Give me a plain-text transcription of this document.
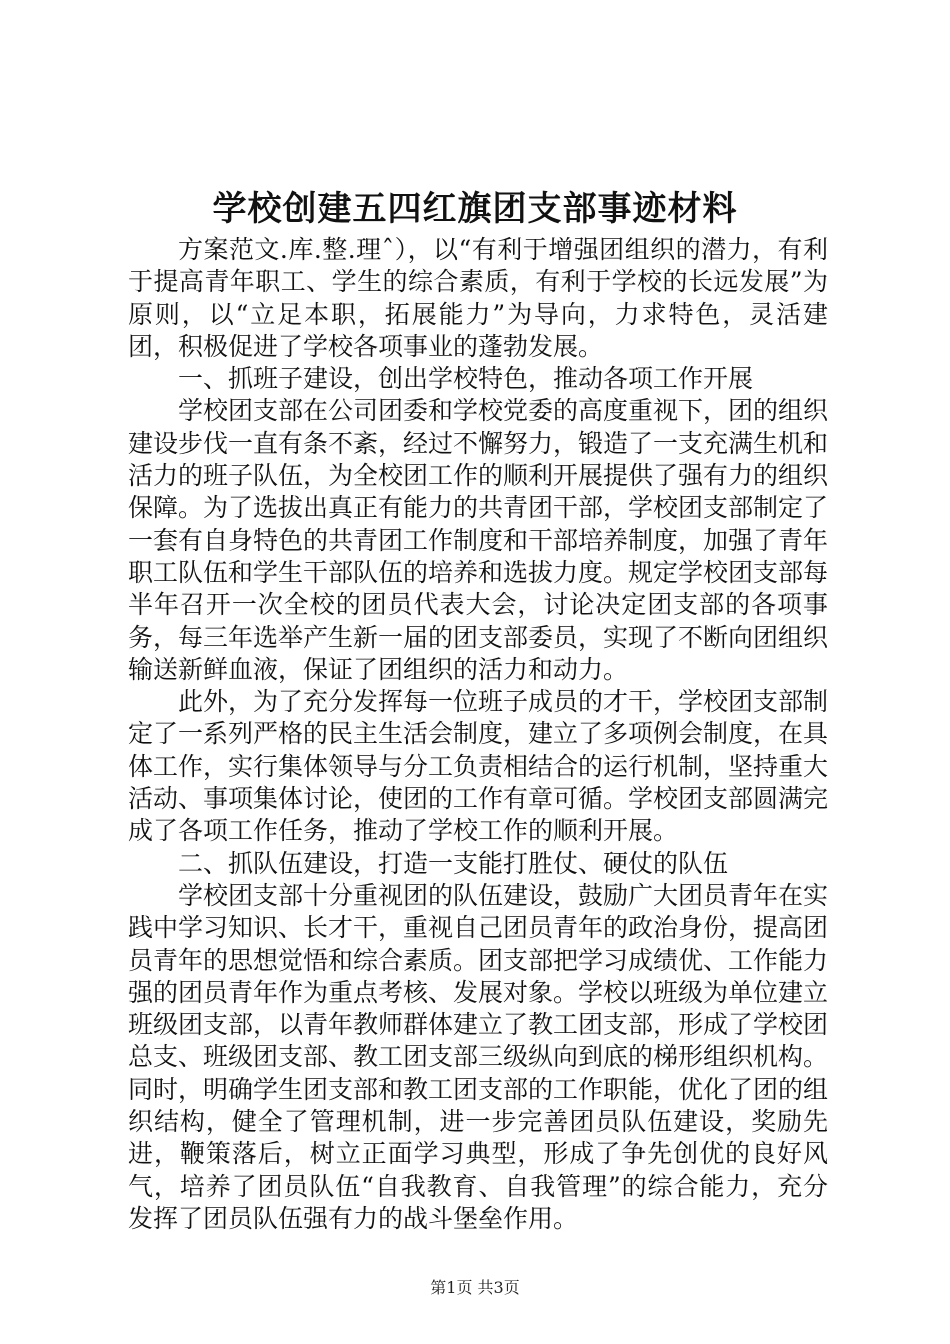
学校创建五四红旗团支部事迹材料

方案范文.库.整.理ˆ），以“有利于增强团组织的潜力，有利于提高青年职工、学生的综合素质，有利于学校的长远发展”为原则，以“立足本职，拓展能力”为导向，力求特色，灵活建团，积极促进了学校各项事业的蓬勃发展。

一、抓班子建设，创出学校特色，推动各项工作开展

学校团支部在公司团委和学校党委的高度重视下，团的组织建设步伐一直有条不紊，经过不懈努力，锻造了一支充满生机和活力的班子队伍，为全校团工作的顺利开展提供了强有力的组织保障。为了选拔出真正有能力的共青团干部，学校团支部制定了一套有自身特色的共青团工作制度和干部培养制度，加强了青年职工队伍和学生干部队伍的培养和选拔力度。规定学校团支部每半年召开一次全校的团员代表大会，讨论决定团支部的各项事务，每三年选举产生新一届的团支部委员，实现了不断向团组织输送新鲜血液，保证了团组织的活力和动力。

此外，为了充分发挥每一位班子成员的才干，学校团支部制定了一系列严格的民主生活会制度，建立了多项例会制度，在具体工作，实行集体领导与分工负责相结合的运行机制，坚持重大活动、事项集体讨论，使团的工作有章可循。学校团支部圆满完成了各项工作任务，推动了学校工作的顺利开展。

二、抓队伍建设，打造一支能打胜仗、硬仗的队伍

学校团支部十分重视团的队伍建设，鼓励广大团员青年在实践中学习知识、长才干，重视自己团员青年的政治身份，提高团员青年的思想觉悟和综合素质。团支部把学习成绩优、工作能力强的团员青年作为重点考核、发展对象。学校以班级为单位建立班级团支部，以青年教师群体建立了教工团支部，形成了学校团总支、班级团支部、教工团支部三级纵向到底的梯形组织机构。同时，明确学生团支部和教工团支部的工作职能，优化了团的组织结构，健全了管理机制，进一步完善团员队伍建设，奖励先进，鞭策落后，树立正面学习典型，形成了争先创优的良好风气，培养了团员队伍“自我教育、自我管理”的综合能力，充分发挥了团员队伍强有力的战斗堡垒作用。

第1页 共3页
